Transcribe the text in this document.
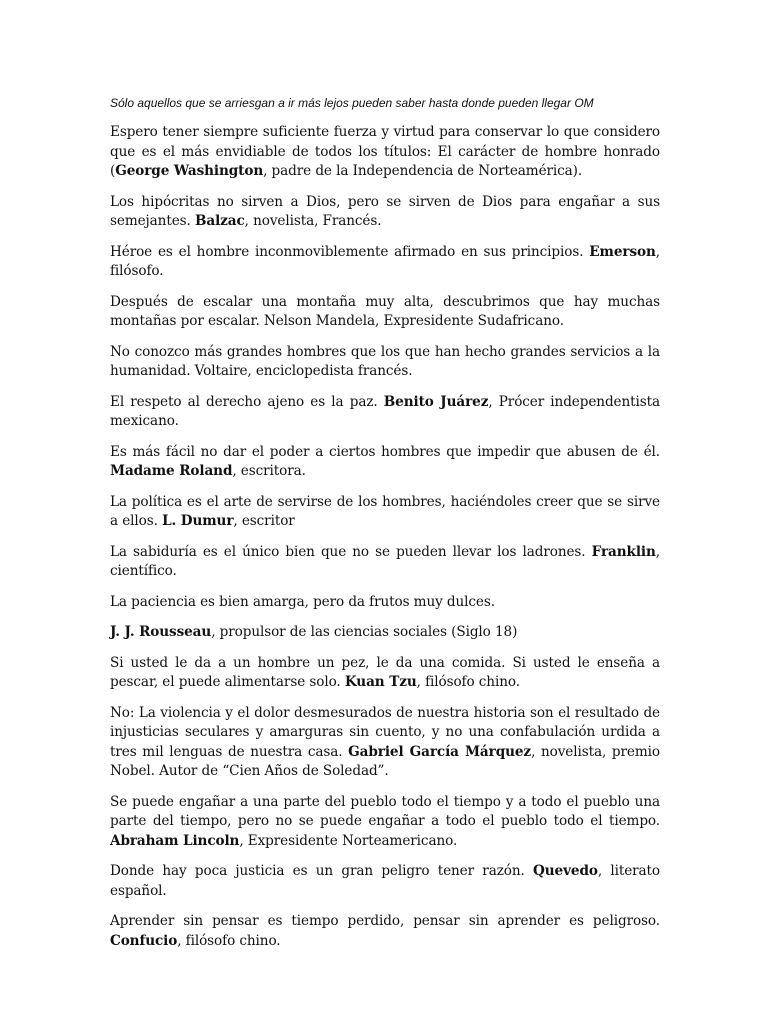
Sólo aquellos que se arriesgan a ir más lejos pueden saber hasta donde pueden llegar OM

Espero tener siempre suficiente fuerza y virtud para conservar lo que considero que es el más envidiable de todos los títulos: El carácter de hombre honrado (George Washington, padre de la Independencia de Norteamérica).

Los hipócritas no sirven a Dios, pero se sirven de Dios para engañar a sus semejantes. Balzac, novelista, Francés.

Héroe es el hombre inconmoviblemente afirmado en sus principios. Emerson, filósofo.

Después de escalar una montaña muy alta, descubrimos que hay muchas montañas por escalar. Nelson Mandela, Expresidente Sudafricano.

No conozco más grandes hombres que los que han hecho grandes servicios a la humanidad. Voltaire, enciclopedista francés.

El respeto al derecho ajeno es la paz. Benito Juárez, Prócer independentista mexicano.

Es más fácil no dar el poder a ciertos hombres que impedir que abusen de él. Madame Roland, escritora.

La política es el arte de servirse de los hombres, haciéndoles creer que se sirve a ellos. L. Dumur, escritor

La sabiduría es el único bien que no se pueden llevar los ladrones. Franklin, científico.

La paciencia es bien amarga, pero da frutos muy dulces.

J. J. Rousseau, propulsor de las ciencias sociales (Siglo 18)

Si usted le da a un hombre un pez, le da una comida. Si usted le enseña a pescar, el puede alimentarse solo. Kuan Tzu, filósofo chino.

No: La violencia y el dolor desmesurados de nuestra historia son el resultado de injusticias seculares y amarguras sin cuento, y no una confabulación urdida a tres mil lenguas de nuestra casa. Gabriel García Márquez, novelista, premio Nobel. Autor de “Cien Años de Soledad”.

Se puede engañar a una parte del pueblo todo el tiempo y a todo el pueblo una parte del tiempo, pero no se puede engañar a todo el pueblo todo el tiempo. Abraham Lincoln, Expresidente Norteamericano.

Donde hay poca justicia es un gran peligro tener razón. Quevedo, literato español.

Aprender sin pensar es tiempo perdido, pensar sin aprender es peligroso. Confucio, filósofo chino.
